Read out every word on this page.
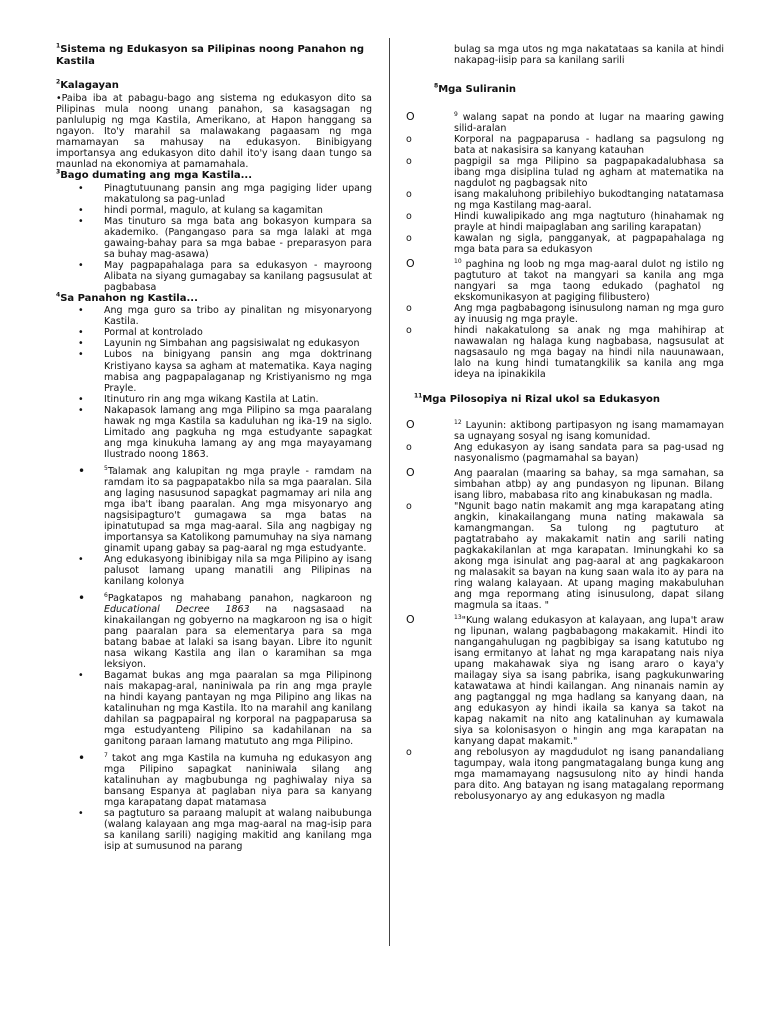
$^1$Sistema ng Edukasyon sa Pilipinas noong Panahon ng Kastila
$^2$Kalagayan
•Paiba iba at pabagu-bago ang sistema ng edukasyon dito sa Pilipinas mula noong unang panahon, sa kasagsagan ng panlulupig ng mga Kastila, Amerikano, at Hapon hanggang sa ngayon. Ito'y marahil sa malawakang pagaasam ng mga mamamayan sa mahusay na edukasyon. Binibigyang importansya ang edukasyon dito dahil ito'y isang daan tungo sa maunlad na ekonomiya at pamamahala.
$^3$Bago dumating ang mga Kastila...
• Pinagtutuunang pansin ang mga pagiging lider upang makatulong sa pag-unlad
• hindi pormal, magulo, at kulang sa kagamitan
• Mas tinuturo sa mga bata ang bokasyon kumpara sa akademiko. (Pangangaso para sa mga lalaki at mga gawaing-bahay para sa mga babae - preparasyon para sa buhay mag-asawa)
• May pagpapahalaga para sa edukasyon - mayroong Alibata na siyang gumagabay sa kanilang pagsusulat at pagbabasa
$^4$Sa Panahon ng Kastila...
• Ang mga guro sa tribo ay pinalitan ng misyonaryong Kastila.
• Pormal at kontrolado
• Layunin ng Simbahan ang pagsisiwalat ng edukasyon
• Lubos na binigyang pansin ang mga doktrinang Kristiyano kaysa sa agham at matematika. Kaya naging mabisa ang pagpapalaganap ng Kristiyanismo ng mga Prayle.
• Itinuturo rin ang mga wikang Kastila at Latin.
• Nakapasok lamang ang mga Pilipino sa mga paaralang hawak ng mga Kastila sa kaduluhan ng ika-19 na siglo. Limitado ang pagkuha ng mga estudyante sapagkat ang mga kinukuha lamang ay ang mga mayayamang Ilustrado noong 1863.
• $^5$Talamak ang kalupitan ng mga prayle - ramdam na ramdam ito sa pagpapatakbo nila sa mga paaralan. Sila ang laging nasusunod sapagkat pagmamay ari nila ang mga iba't ibang paaralan. Ang mga misyonaryo ang nagsisipagturo't gumagawa sa mga batas na ipinatutupad sa mga mag-aaral. Sila ang nagbigay ng importansya sa Katolikong pamumuhay na siya namang ginamit upang gabay sa pag-aaral ng mga estudyante.
• Ang edukasyong ibinibigay nila sa mga Pilipino ay isang palusot lamang upang manatili ang Pilipinas na kanilang kolonya
• $^6$Pagkatapos ng mahabang panahon, nagkaroon ng Educational Decree 1863 na nagsasaad na kinakailangan ng gobyerno na magkaroon ng isa o higit pang paaralan para sa elementarya para sa mga batang babae at lalaki sa isang bayan. Libre ito ngunit nasa wikang Kastila ang ilan o karamihan sa mga leksiyon.
• Bagamat bukas ang mga paaralan sa mga Pilipinong nais makapag-aral, naniniwala pa rin ang mga prayle na hindi kayang pantayan ng mga Pilipino ang likas na katalinuhan ng mga Kastila. Ito na marahil ang kanilang dahilan sa pagpapairal ng korporal na pagpaparusa sa mga estudyanteng Pilipino sa kadahilanan na sa ganitong paraan lamang matututo ang mga Pilipino.
• $^7$ takot ang mga Kastila na kumuha ng edukasyon ang mga Pilipino sapagkat naniniwala silang ang katalinuhan ay magbubunga ng paghiwalay niya sa bansang Espanya at paglaban niya para sa kanyang mga karapatang dapat matamasa
• sa pagtuturo sa paraang malupit at walang naibubunga (walang kalayaan ang mga mag-aaral na mag-isip para sa kanilang sarili) nagiging makitid ang kanilang mga isip at sumusunod na parang
bulag sa mga utos ng mga nakatataas sa kanila at hindi nakapag-iisip para sa kanilang sarili
$^8$Mga Suliranin
O	$^9$ walang sapat na pondo at lugar na maaring gawing silid-aralan
o	Korporal na pagpaparusa - hadlang sa pagsulong ng bata at nakasisira sa kanyang katauhan
o	pagpigil sa mga Pilipino sa pagpapakadalubhasa sa ibang mga disiplina tulad ng agham at matematika na nagdulot ng pagbagsak nito
o	isang makaluhong pribilehiyo bukodtanging natatamasa ng mga Kastilang mag-aaral.
o	Hindi kuwalipikado ang mga nagtuturo (hinahamak ng prayle at hindi maipaglaban ang sariling karapatan)
o	kawalan ng sigla, pangganyak, at pagpapahalaga ng mga bata para sa edukasyon
O	$^{10}$ paghina ng loob ng mga mag-aaral dulot ng istilo ng pagtuturo at takot na mangyari sa kanila ang mga nangyari sa mga taong edukado (paghatol ng ekskomunikasyon at pagiging filibustero)
o	Ang mga pagbabagong isinusulong naman ng mga guro ay inuusig ng mga prayle.
o	hindi nakakatulong sa anak ng mga mahihirap at nawawalan ng halaga kung nagbabasa, nagsusulat at nagsasaulo ng mga bagay na hindi nila nauunawaan, lalo na kung hindi tumatangkilik sa kanila ang mga ideya na ipinakikila
$^{11}$Mga Pilosopiya ni Rizal ukol sa Edukasyon
O	$^{12}$ Layunin: aktibong partipasyon ng isang mamamayan sa ugnayang sosyal ng isang komunidad.
o	Ang edukasyon ay isang sandata para sa pag-usad ng nasyonalismo (pagmamahal sa bayan)
O	Ang paaralan (maaring sa bahay, sa mga samahan, sa simbahan atbp) ay ang pundasyon ng lipunan. Bilang isang libro, mababasa rito ang kinabukasan ng madla.
o	"Ngunit bago natin makamit ang mga karapatang ating angkin, kinakailangang muna nating makawala sa kamangmangan. Sa tulong ng pagtuturo at pagtatrabaho ay makakamit natin ang sarili nating pagkakakilanlan at mga karapatan. Iminungkahi ko sa akong mga isinulat ang pag-aaral at ang pagkakaroon ng malasakit sa bayan na kung saan wala ito ay para na ring walang kalayaan. At upang maging makabuluhan ang mga repormang ating isinusulong, dapat silang magmula sa itaas. "
O	$^{13}$"Kung walang edukasyon at kalayaan, ang lupa't araw ng lipunan, walang pagbabagong makakamit. Hindi ito nangangahulugan ng pagbibigay sa isang katutubo ng isang ermitanyo at lahat ng mga karapatang nais niya upang makahawak siya ng isang araro o kaya'y mailagay siya sa isang pabrika, isang pagkukunwaring katawatawa at hindi kailangan. Ang ninanais namin ay ang pagtanggal ng mga hadlang sa kanyang daan, na ang edukasyon ay hindi ikaila sa kanya sa takot na kapag nakamit na nito ang katalinuhan ay kumawala siya sa kolonisasyon o hingin ang mga karapatan na kanyang dapat makamit."
o	ang rebolusyon ay magdudulot ng isang panandaliang tagumpay, wala itong pangmatagalang bunga kung ang mga mamamayang nagsusulong nito ay hindi handa para dito. Ang batayan ng isang matagalang repormang rebolusyonaryo ay ang edukasyon ng madla
